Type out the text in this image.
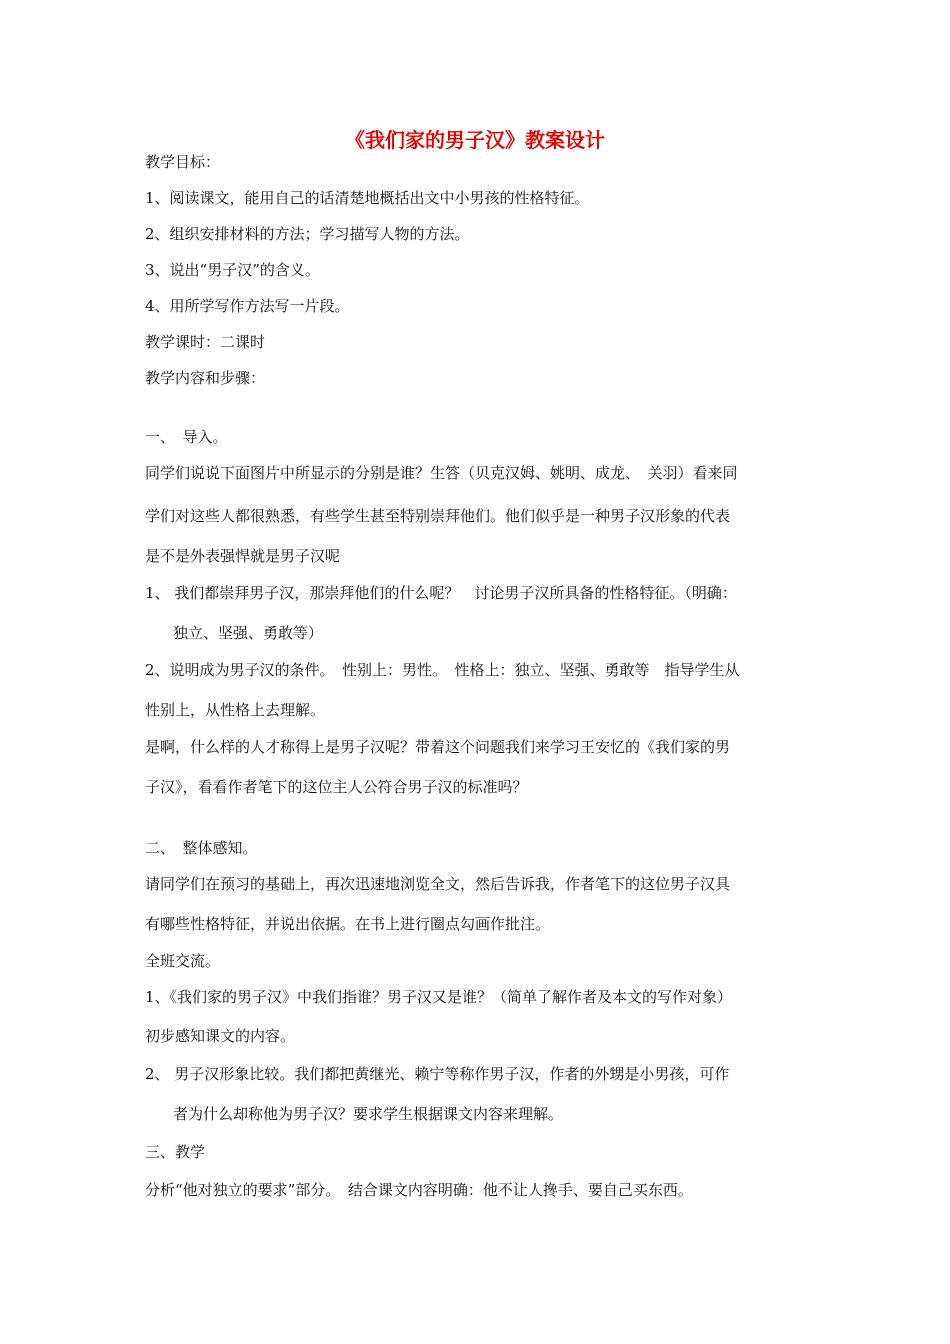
《我们家的男子汉》教案设计
教学目标：
1、阅读课文，能用自己的话清楚地概括出文中小男孩的性格特征。
2、组织安排材料的方法；学习描写人物的方法。
3、说出“男子汉”的含义。
4、用所学写作方法写一片段。
教学课时：二课时
教学内容和步骤：
一、　导入。
同学们说说下面图片中所显示的分别是谁？生答（贝克汉姆、姚明、成龙、　关羽）看来同
学们对这些人都很熟悉，有些学生甚至特别崇拜他们。他们似乎是一种男子汉形象的代表
是不是外表强悍就是男子汉呢
1、 我们都崇拜男子汉，那崇拜他们的什么呢？　讨论男子汉所具备的性格特征。（明确：
独立、坚强、勇敢等）
2、说明成为男子汉的条件。　性别上：男性。　性格上：独立、坚强、勇敢等　指导学生从
性别上，从性格上去理解。
是啊，什么样的人才称得上是男子汉呢？带着这个问题我们来学习王安忆的《我们家的男
子汉》，看看作者笔下的这位主人公符合男子汉的标准吗？
二、　整体感知。
请同学们在预习的基础上，再次迅速地浏览全文，然后告诉我，作者笔下的这位男子汉具
有哪些性格特征，并说出依据。在书上进行圈点勾画作批注。
全班交流。
1、《我们家的男子汉》中我们指谁？男子汉又是谁？（简单了解作者及本文的写作对象）
初步感知课文的内容。
2、 男子汉形象比较。我们都把黄继光、赖宁等称作男子汉，作者的外甥是小男孩，可作
者为什么却称他为男子汉？要求学生根据课文内容来理解。
三、教学
分析“他对独立的要求”部分。　结合课文内容明确：他不让人搀手、要自己买东西。
